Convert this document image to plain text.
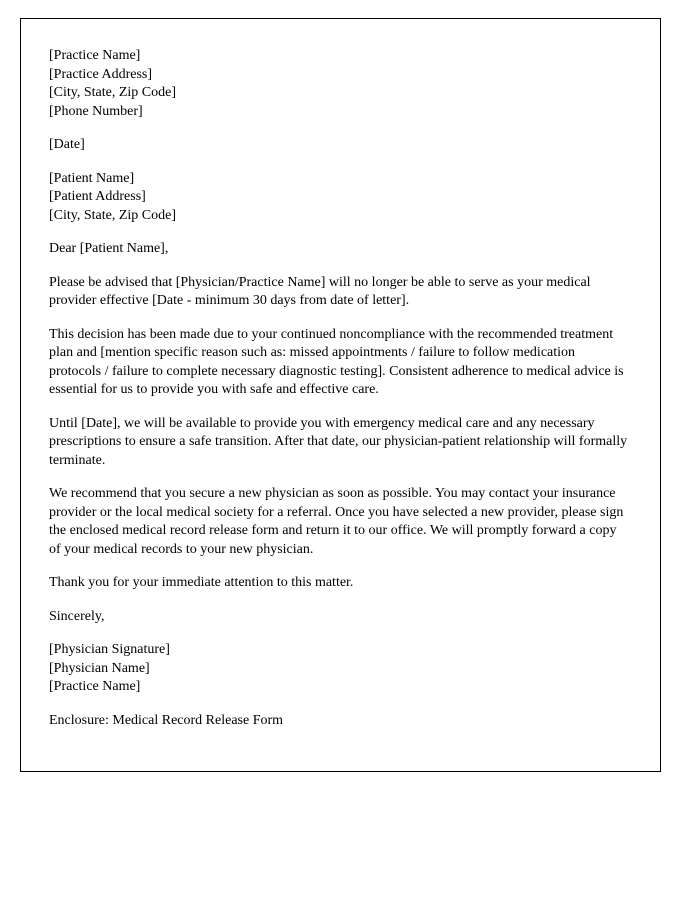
[Practice Name]
[Practice Address]
[City, State, Zip Code]
[Phone Number]
[Date]
[Patient Name]
[Patient Address]
[City, State, Zip Code]
Dear [Patient Name],

Please be advised that [Physician/Practice Name] will no longer be able to serve as your medical provider effective [Date - minimum 30 days from date of letter].

This decision has been made due to your continued noncompliance with the recommended treatment plan and [mention specific reason such as: missed appointments / failure to follow medication protocols / failure to complete necessary diagnostic testing]. Consistent adherence to medical advice is essential for us to provide you with safe and effective care.

Until [Date], we will be available to provide you with emergency medical care and any necessary prescriptions to ensure a safe transition. After that date, our physician-patient relationship will formally terminate.

We recommend that you secure a new physician as soon as possible. You may contact your insurance provider or the local medical society for a referral. Once you have selected a new provider, please sign the enclosed medical record release form and return it to our office. We will promptly forward a copy of your medical records to your new physician.

Thank you for your immediate attention to this matter.

Sincerely,
[Physician Signature]
[Physician Name]
[Practice Name]
Enclosure: Medical Record Release Form
